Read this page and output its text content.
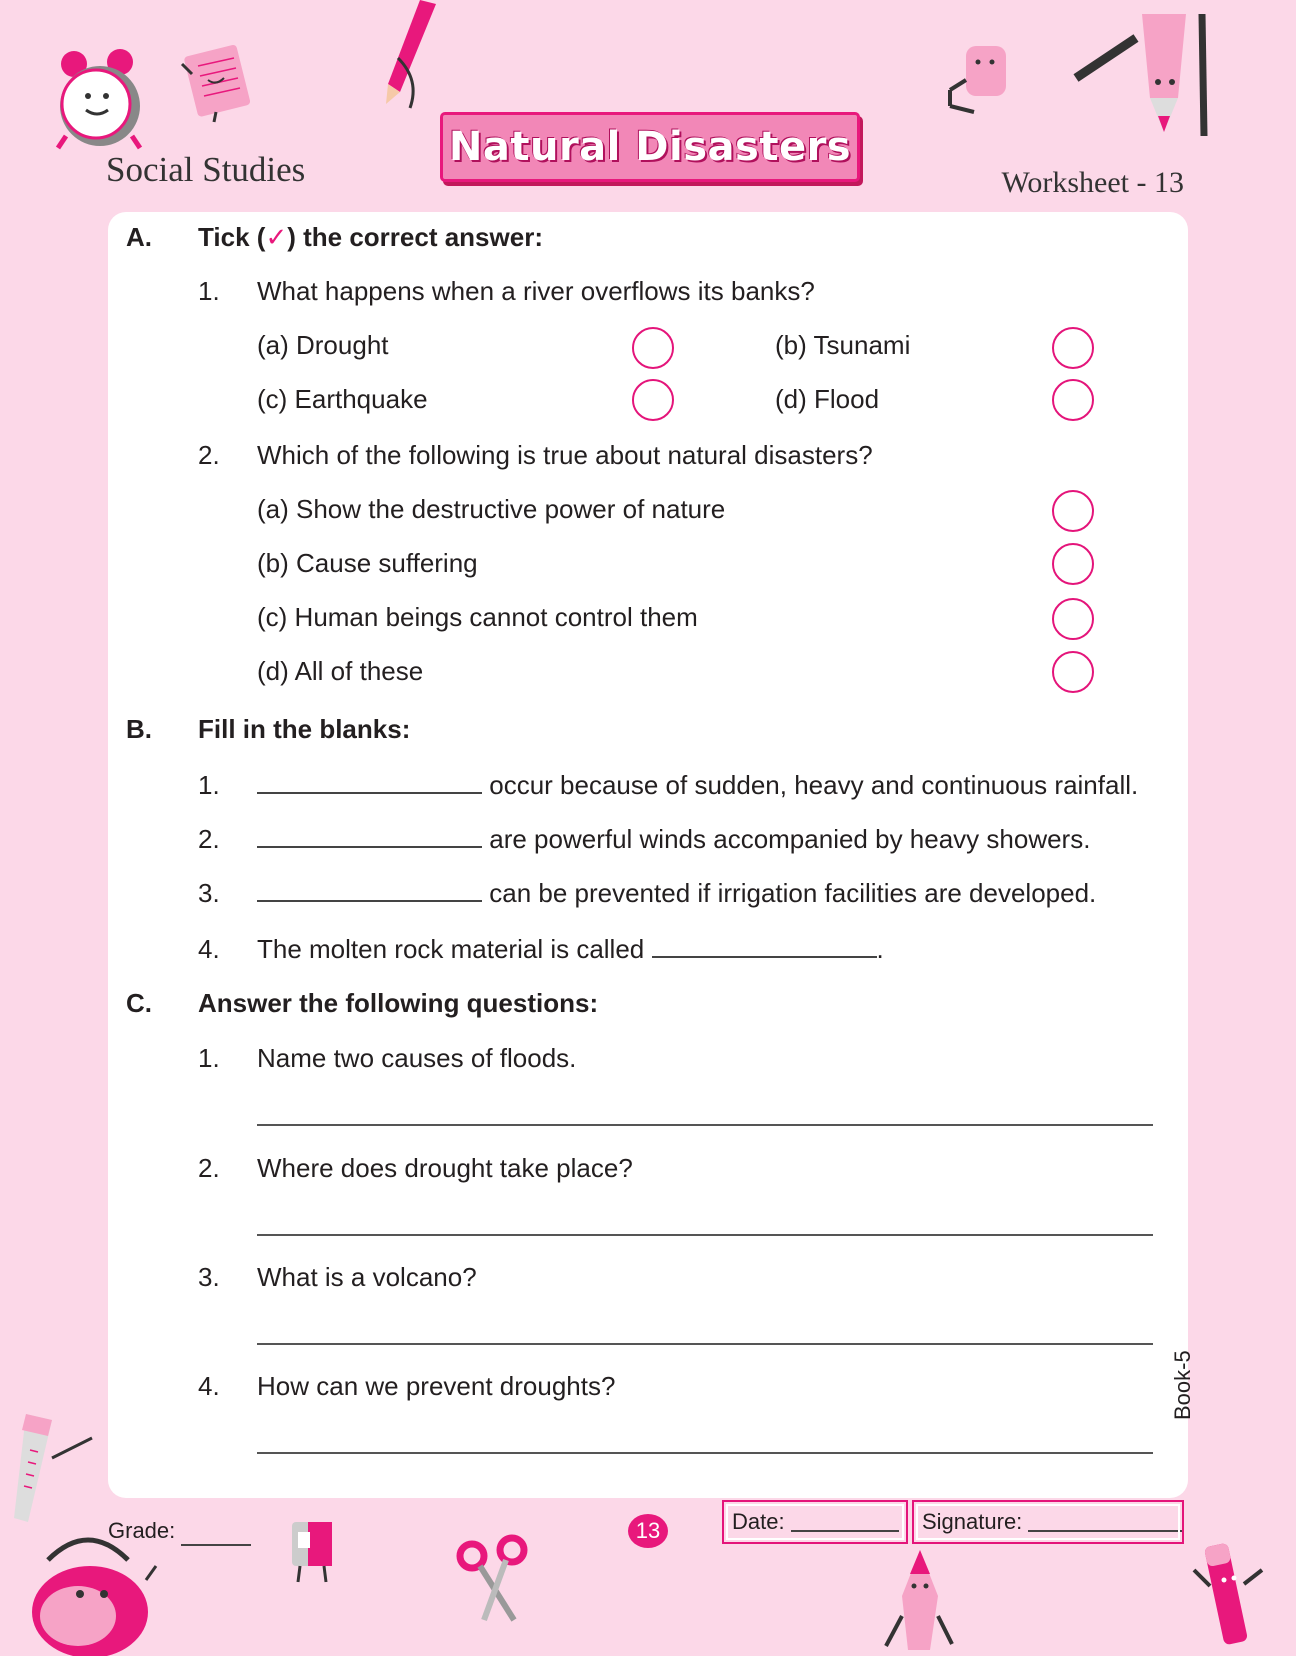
Social Studies	Natural Disasters
Worksheet - 13
A. Tick (✓) the correct answer:
1. What happens when a river overflows its banks?
(a) Drought	(b) Tsunami
(c) Earthquake	(d) Flood
2. Which of the following is true about natural disasters?
(a) Show the destructive power of nature
(b) Cause suffering
(c) Human beings cannot control them
(d) All of these
B. Fill in the blanks:
1.	occur because of sudden, heavy and continuous rainfall.
2.	are powerful winds accompanied by heavy showers.
3.	can be prevented if irrigation facilities are developed.
4. The molten rock material is called	.
C. Answer the following questions:
1. Name two causes of floods.
2. Where does drought take place?
3. What is a volcano?
4. How can we prevent droughts?	Book-5
Grade:	13	Date:	Signature:
